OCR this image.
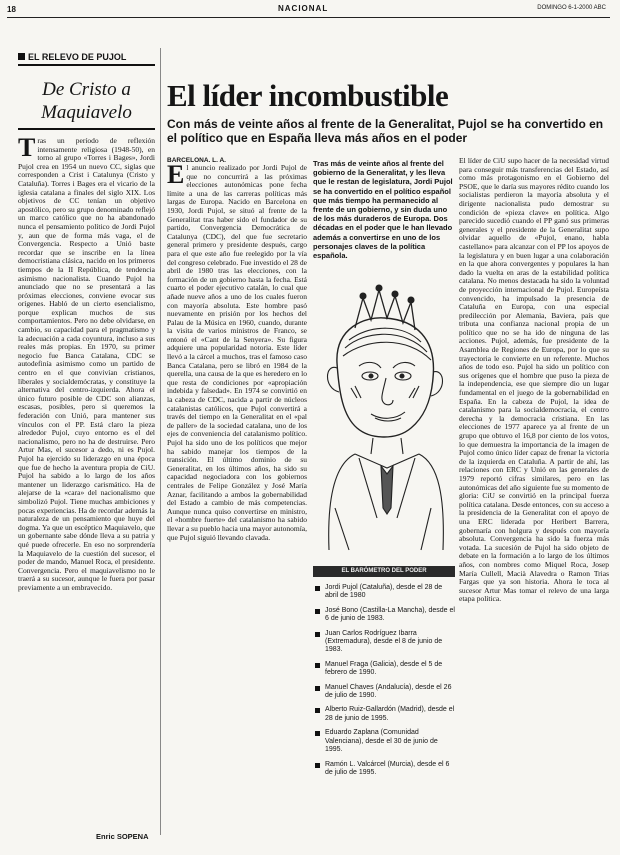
18	NACIONAL	DOMINGO 6-1-2000 ABC
EL RELEVO DE PUJOL
De Cristo a
Maquiavelo
Tras un período de reflexión intensamente religiosa (1948-50), en torno al grupo «Torres i Bages», Jordi Pujol crea en 1954 un nuevo CC, siglas que corresponden a Crist i Catalunya (Cristo y Cataluña). Torres i Bages era el vicario de la iglesia catalana a finales del siglo XIX. Los objetivos de CC tenían un objetivo apostólico, pero su grupo denominado reflejó un marco católico que no ha abandonado nunca el pensamiento político de Jordi Pujol y, aun que de forma más vaga, el de Convergencia. Respecto a Unió baste recordar que se inscribe en la línea democristiana clásica, nacido en los primeros tiempos de la II República, de tendencia asimismo nacionalista. Cuando Pujol ha anunciado que no se presentará a las próximas elecciones, conviene evocar sus orígenes. Habló de un cierto esencialismo, porque explican muchos de sus comportamientos. Pero no debe olvidarse, en cambio, su capacidad para el pragmatismo y la adecuación a cada coyuntura, incluso a sus reales más propias. En 1970, su primer negocio fue Banca Catalana, CDC se autodefinía asimismo como un partido de centro en el que convivían cristianos, liberales y socialdemócratas, y constituye la alternativa del centro-izquierda. Ahora el único futuro posible de CDC son alianzas, escasas, posibles, pero si queremos la federación con Unió, para mantener sus vínculos con el PP. Está claro la pieza alrededor Pujol, cuyo entorno es el del nacionalismo, pero no ha de destruirse. Pero Artur Mas, el sucesor a dedo, ni es Pujol. Pujol ha ejercido su liderazgo en una época que fue de hecho la aventura propia de CiU. Pujol ha sabido a lo largo de los años mantener un liderazgo carismático. Ha de alejarse de la «cara» del nacionalismo que simbolizó Pujol. Tiene muchas ambiciones y pocas experiencias. Ha de recordar además la naturaleza de un pensamiento que huye del dogma. Ya que un escéptico Maquiavelo, que un gobernante sabe dónde lleva a su patria y qué puede ofrecerle. En eso no sorprendería la Maquiavelo de la cuestión del sucesor, el poder de mando, Manuel Roca, el presidente. Convergencia. Pero el maquiavelismo no le traerá a su sucesor, aunque le fuera por pasar previamente a un embravecido.
Enric SOPENA
El líder incombustible
Con más de veinte años al frente de la Generalitat, Pujol se ha convertido en el político que en España lleva más años en el poder
BARCELONA. L. A.
E l anuncio realizado por Jordi Pujol de que no concurrirá a las próximas elecciones autonómicas pone fecha límite a una de las carreras políticas más largas de Europa. Nacido en Barcelona en 1930, Jordi Pujol, se situó al frente de la Generalitat tras haber sido el fundador de su partido, Convergencia Democrática de Catalunya (CDC), del que fue secretario general primero y presidente después, cargo para el que este año fue reelegido por la vía del congreso celebrado. Fue investido el 28 de abril de 1980 tras las elecciones, con la formación de un gobierno hasta la fecha. Está cuarto el poder ejecutivo catalán, lo cual que añade nueve años a uno de los cuales fueron con mayoría absoluta. Este hombre pasó nuevamente en prisión por los hechos del Palau de la Música en 1960, cuando, durante la visita de varios ministros de Franco, se entonó el «Cant de la Senyera». Su figura adquiere una popularidad notoria. Este líder llevó a la cárcel a muchos, tras el famoso caso Banca Catalana, pero se libró en 1984 de la querella, una causa de la que es heredero en lo que resta de condiciones por «apropiación indebida y falsedad». En 1974 se convirtió en la cabeza de CDC, nacida a partir de núcleos catalanistas católicos, que Pujol convertirá a través del tiempo en la Generalitat en el «pal de paller» de la sociedad catalana, uno de los ejes de conveniencia del catalanismo político. Pujol ha sido uno de los políticos que mejor ha sabido manejar los tiempos de la transición. El último dominio de su Generalitat, en los últimos años, ha sido su capacidad negociadora con los gobiernos centrales de Felipe González y José María Aznar, facilitando a ambos la gobernabilidad del Estado a cambio de más competencias. Aunque nunca quiso convertirse en ministro, el «hombre fuerte» del catalanismo ha sabido llevar a su pueblo hacia una mayor autonomía, que Pujol siguió llevando clavada.
Tras más de veinte años al frente del gobierno de la Generalitat, y les lleva que le restan de legislatura, Jordi Pujol se ha convertido en el político español que más tiempo ha permanecido al frente de un gobierno, y sin duda uno de los más duraderos de Europa. Dos décadas en el poder que le han llevado además a convertirse en uno de los personajes claves de la política española.
EL BARÓMETRO DEL PODER
Jordi Pujol (Cataluña), desde el 28 de abril de 1980
José Bono (Castilla-La Mancha), desde el 6 de junio de 1983.
Juan Carlos Rodríguez Ibarra (Extremadura), desde el 8 de junio de 1983.
Manuel Fraga (Galicia), desde el 5 de febrero de 1990.
Manuel Chaves (Andalucía), desde el 26 de julio de 1990.
Alberto Ruiz-Gallardón (Madrid), desde el 28 de junio de 1995.
Eduardo Zaplana (Comunidad Valenciana), desde el 30 de junio de 1995.
Ramón L. Valcárcel (Murcia), desde el 6 de julio de 1995.
El líder de CiU supo hacer de la necesidad virtud para conseguir más transferencias del Estado, así como más protagonismo en el Gobierno del PSOE, que le daría sus mayores rédito cuando los socialistas perdieron la mayoría absoluta y el dirigente nacionalista pudo demostrar su condición de «pieza clave» en política. Algo parecido sucedió cuando el PP ganó sus primeras generales y el presidente de la Generalitat supo olvidar aquello de «Pujol, enano, habla castellano» para alcanzar con el PP los apoyos de la legislatura y en buen lugar a una colaboración en la que ahora convergentes y populares la han dado la vuelta en aras de la estabilidad política catalana. No menos destacada ha sido la voluntad de proyección internacional de Pujol. Europeísta convencido, ha impulsado la presencia de Cataluña en Europa, con una especial predilección por Alemania, Baviera, país que tributa una confianza nacional propia de un político que no se ha ido de ninguna de las acciones. Pujol, además, fue presidente de la Asamblea de Regiones de Europa, por lo que su trayectoria le convierte en un referente. Muchos años de todo eso. Pujol ha sido un político con sus orígenes que el hombre que puso la pieza de la independencia, ese que siempre dio un lugar fundamental en el juego de la gobernabilidad en España. En la cabeza de Pujol, la idea de catalanismo para la socialdemocracia, el centro derecha y la democracia cristiana. En las elecciones de 1977 aparece ya al frente de un grupo que obtuvo el 16,8 por ciento de los votos, lo que demuestra la importancia de la imagen de Pujol como único líder capaz de frenar la victoria de la izquierda en Cataluña. A partir de ahí, las relaciones con ERC y Unió en las generales de 1979 reportó cifras similares, pero en las autonómicas del año siguiente fue su momento de gloria: CiU se convirtió en la principal fuerza política catalana. Desde entonces, con su acceso a la presidencia de la Generalitat con el apoyo de una ERC liderada por Heribert Barrera, gobernaría con holgura y después con mayoría absoluta. Convergencia ha sido la fuerza más votada. La sucesión de Pujol ha sido objeto de debate en la formación a lo largo de los últimos años, con nombres como Miquel Roca, Josep María Cullell, Macià Alavedra o Ramon Trias Fargas que ya son historia. Ahora le toca al sucesor Artur Mas tomar el relevo de una larga etapa política.
